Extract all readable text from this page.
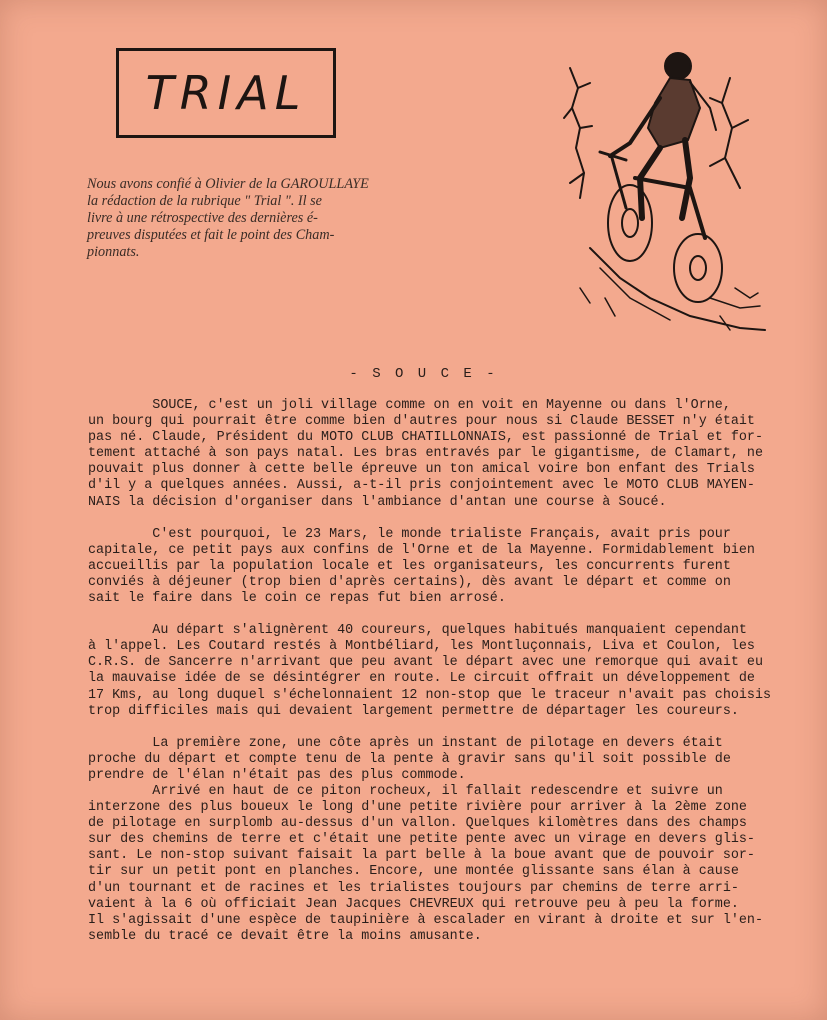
TRIAL
Nous avons confié à Olivier de la GAROULLAYE
la rédaction de la rubrique " Trial ". Il se
livre à une rétrospective des dernières é-
preuves disputées et fait le point des Cham-
pionnats.
- S O U C E -
SOUCE, c'est un joli village comme on en voit en Mayenne ou dans l'Orne,
un bourg qui pourrait être comme bien d'autres pour nous si Claude BESSET n'y était
pas né. Claude, Président du MOTO CLUB CHATILLONNAIS, est passionné de Trial et for-
tement attaché à son pays natal. Les bras entravés par le gigantisme, de Clamart, ne
pouvait plus donner à cette belle épreuve un ton amical voire bon enfant des Trials
d'il y a quelques années. Aussi, a-t-il pris conjointement avec le MOTO CLUB MAYEN-
NAIS la décision d'organiser dans l'ambiance d'antan une course à Soucé.
C'est pourquoi, le 23 Mars, le monde trialiste Français, avait pris pour
capitale, ce petit pays aux confins de l'Orne et de la Mayenne. Formidablement bien
accueillis par la population locale et les organisateurs, les concurrents furent
conviés à déjeuner (trop bien d'après certains), dès avant le départ et comme on
sait le faire dans le coin ce repas fut bien arrosé.
Au départ s'alignèrent 40 coureurs, quelques habitués manquaient cependant
à l'appel. Les Coutard restés à Montbéliard, les Montluçonnais, Liva et Coulon, les
C.R.S. de Sancerre n'arrivant que peu avant le départ avec une remorque qui avait eu
la mauvaise idée de se désintégrer en route. Le circuit offrait un développement de
17 Kms, au long duquel s'échelonnaient 12 non-stop que le traceur n'avait pas choisis
trop difficiles mais qui devaient largement permettre de départager les coureurs.
La première zone, une côte après un instant de pilotage en devers était
proche du départ et compte tenu de la pente à gravir sans qu'il soit possible de
prendre de l'élan n'était pas des plus commode.
Arrivé en haut de ce piton rocheux, il fallait redescendre et suivre un
interzone des plus boueux le long d'une petite rivière pour arriver à la 2ème zone
de pilotage en surplomb au-dessus d'un vallon. Quelques kilomètres dans des champs
sur des chemins de terre et c'était une petite pente avec un virage en devers glis-
sant. Le non-stop suivant faisait la part belle à la boue avant que de pouvoir sor-
tir sur un petit pont en planches. Encore, une montée glissante sans élan à cause
d'un tournant et de racines et les trialistes toujours par chemins de terre arri-
vaient à la 6 où officiait Jean Jacques CHEVREUX qui retrouve peu à peu la forme.
Il s'agissait d'une espèce de taupinière à escalader en virant à droite et sur l'en-
semble du tracé ce devait être la moins amusante.
